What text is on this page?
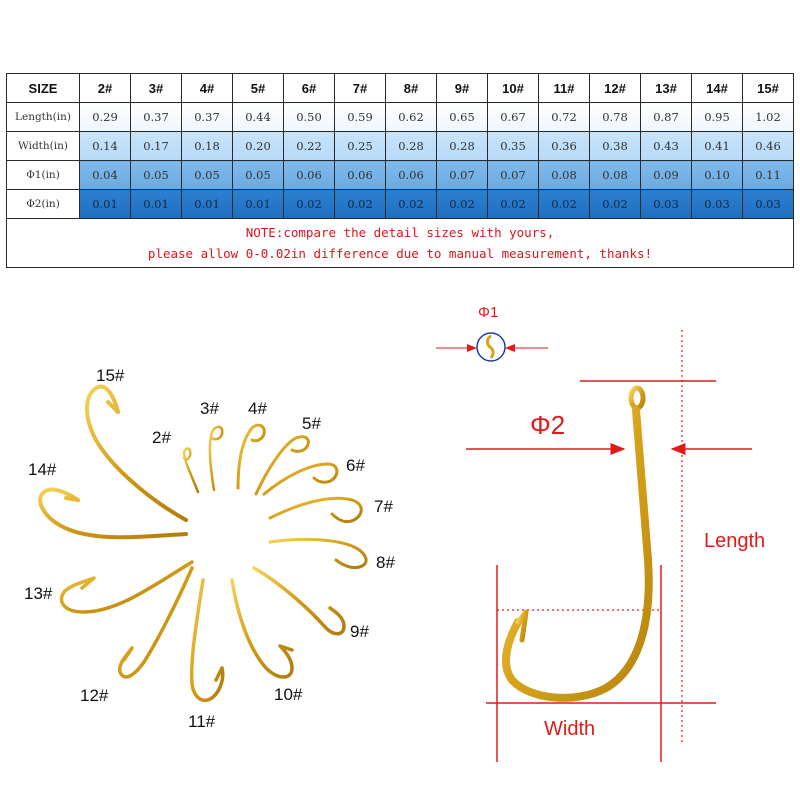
SIZE	2#	3#	4#	5#	6#	7#	8#	9#	10#	11#	12#	13#	14#	15#
Length(in)	0.29	0.37	0.37	0.44	0.50	0.59	0.62	0.65	0.67	0.72	0.78	0.87	0.95	1.02
Width(in)	0.14	0.17	0.18	0.20	0.22	0.25	0.28	0.28	0.35	0.36	0.38	0.43	0.41	0.46
Φ1(in)	0.04	0.05	0.05	0.05	0.06	0.06	0.06	0.07	0.07	0.08	0.08	0.09	0.10	0.11
Φ2(in)	0.01	0.01	0.01	0.01	0.02	0.02	0.02	0.02	0.02	0.02	0.02	0.03	0.03	0.03

NOTE:compare the detail sizes with yours,
please allow 0-0.02in difference due to manual measurement, thanks!														
15#
2#
3# 4#
5#
6#
7#
8#
9#
10#
11#
12#
13#
14#
Φ1
Φ2
Length
Width
